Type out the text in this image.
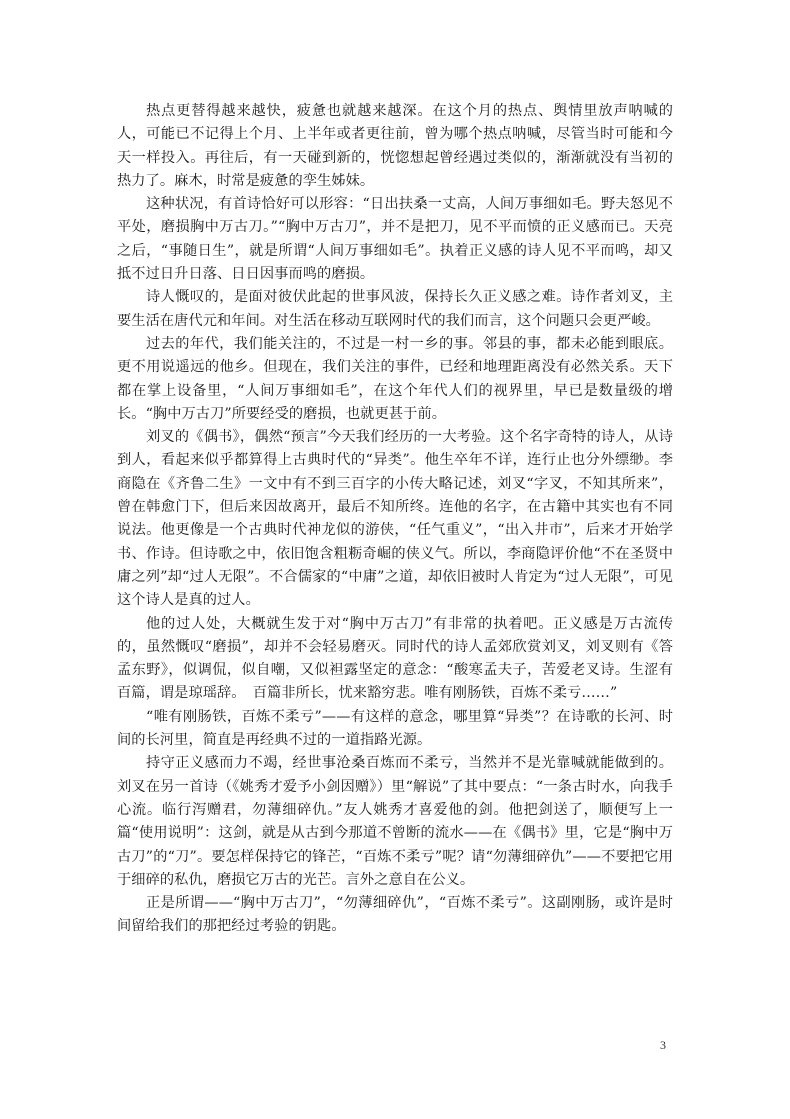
热点更替得越来越快，疲惫也就越来越深。在这个月的热点、舆情里放声呐喊的人，可能已不记得上个月、上半年或者更往前，曾为哪个热点呐喊，尽管当时可能和今天一样投入。再往后，有一天碰到新的，恍惚想起曾经遇过类似的，渐渐就没有当初的热力了。麻木，时常是疲惫的孪生姊妹。

这种状况，有首诗恰好可以形容：“日出扶桑一丈高，人间万事细如毛。野夫怒见不平处，磨损胸中万古刀。”“胸中万古刀”，并不是把刀，见不平而愤的正义感而已。天亮之后，“事随日生”，就是所谓“人间万事细如毛”。执着正义感的诗人见不平而鸣，却又抵不过日升日落、日日因事而鸣的磨损。

诗人慨叹的，是面对彼伏此起的世事风波，保持长久正义感之难。诗作者刘叉，主要生活在唐代元和年间。对生活在移动互联网时代的我们而言，这个问题只会更严峻。

过去的年代，我们能关注的，不过是一村一乡的事。邻县的事，都未必能到眼底。更不用说遥远的他乡。但现在，我们关注的事件，已经和地理距离没有必然关系。天下都在掌上设备里，“人间万事细如毛”，在这个年代人们的视界里，早已是数量级的增长。“胸中万古刀”所要经受的磨损，也就更甚于前。

刘叉的《偶书》，偶然“预言”今天我们经历的一大考验。这个名字奇特的诗人，从诗到人，看起来似乎都算得上古典时代的“异类”。他生卒年不详，连行止也分外缥缈。李商隐在《齐鲁二生》一文中有不到三百字的小传大略记述，刘叉“字叉，不知其所来”，曾在韩愈门下，但后来因故离开，最后不知所终。连他的名字，在古籍中其实也有不同说法。他更像是一个古典时代神龙似的游侠，“任气重义”，“出入井市”，后来才开始学书、作诗。但诗歌之中，依旧饱含粗粝奇崛的侠义气。所以，李商隐评价他“不在圣贤中庸之列”却“过人无限”。不合儒家的“中庸”之道，却依旧被时人肯定为“过人无限”，可见这个诗人是真的过人。

他的过人处，大概就生发于对“胸中万古刀”有非常的执着吧。正义感是万古流传的，虽然慨叹“磨损”，却并不会轻易磨灭。同时代的诗人孟郊欣赏刘叉，刘叉则有《答孟东野》，似调侃，似自嘲，又似袒露坚定的意念：“酸寒孟夫子，苦爱老叉诗。生涩有百篇，谓是琼瑶辞。　百篇非所长，忧来豁穷悲。唯有刚肠铁，百炼不柔亏……”

“唯有刚肠铁，百炼不柔亏”——有这样的意念，哪里算“异类”？在诗歌的长河、时间的长河里，简直是再经典不过的一道指路光源。

持守正义感而力不竭，经世事沧桑百炼而不柔亏，当然并不是光靠喊就能做到的。刘叉在另一首诗（《姚秀才爱予小剑因赠》）里“解说”了其中要点：“一条古时水，向我手心流。临行泻赠君，勿薄细碎仇。”友人姚秀才喜爱他的剑。他把剑送了，顺便写上一篇“使用说明”：这剑，就是从古到今那道不曾断的流水——在《偶书》里，它是“胸中万古刀”的“刀”。要怎样保持它的锋芒，“百炼不柔亏”呢？请“勿薄细碎仇”——不要把它用于细碎的私仇，磨损它万古的光芒。言外之意自在公义。

正是所谓——“胸中万古刀”，“勿薄细碎仇”，“百炼不柔亏”。这副刚肠，或许是时间留给我们的那把经过考验的钥匙。

3
